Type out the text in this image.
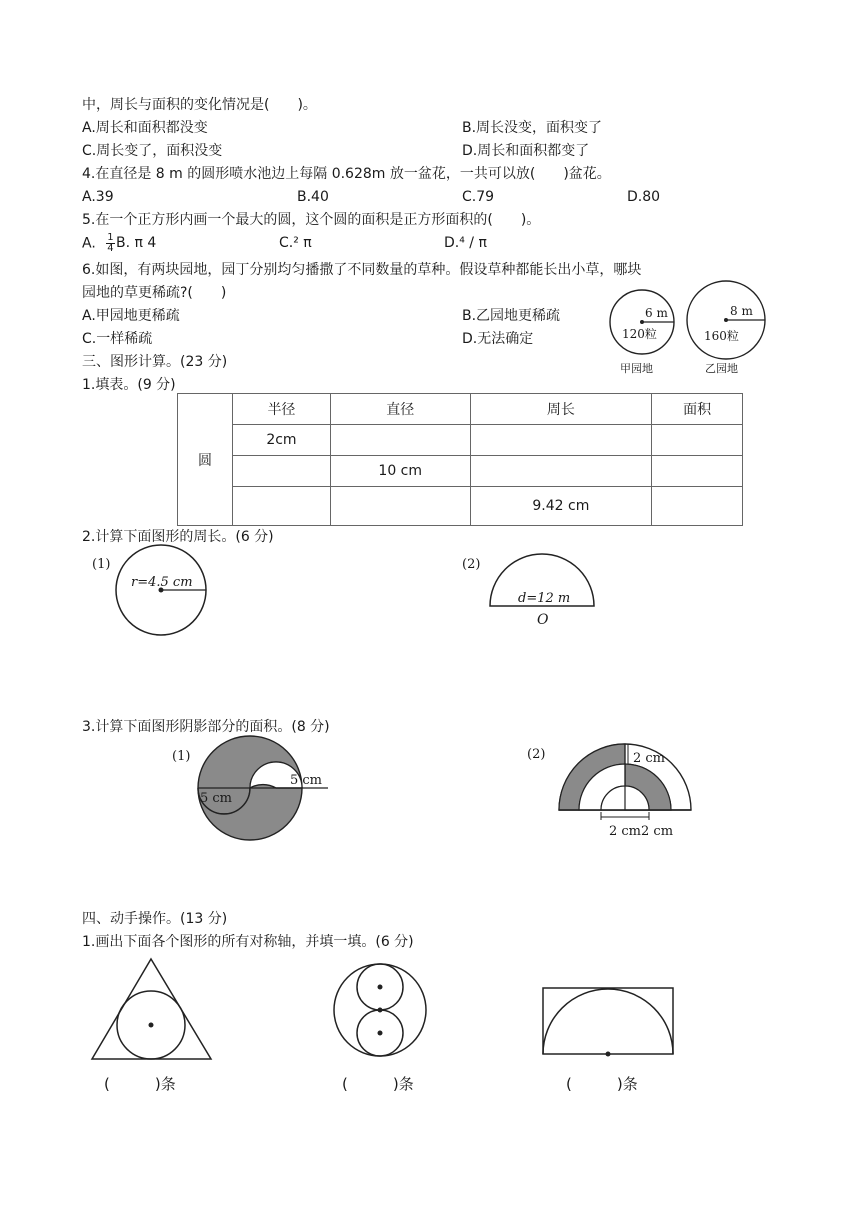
中，周长与面积的变化情况是(　　)。
A.周长和面积都没变	B.周长没变，面积变了
C.周长变了，面积没变	D.周长和面积都变了
4.在直径是 8 m 的圆形喷水池边上每隔 0.628m 放一盆花，一共可以放(　　)盆花。
A.39	B.40	C.79	D.80
5.在一个正方形内画一个最大的圆，这个圆的面积是正方形面积的(　　)。
A. $\frac{1}{4} B$. π 4	C.² π	D.⁴ / π
6.如图，有两块园地，园丁分别均匀播撒了不同数量的草种。假设草种都能长出小草，哪块
园地的草更稀疏?(　　)
A.甲园地更稀疏	B.乙园地更稀疏
C.一样稀疏	D.无法确定
6 m
120粒
甲园地
8 m
160粒
乙园地
三、图形计算。(23 分)
1.填表。(9 分)
圆	半径	直径	周长	面积
	2cm			
		10 cm		
			9.42 cm	
2.计算下面图形的周长。(6 分)
(1)
r=4.5 cm
(2)
d=12 m
O
3.计算下面图形阴影部分的面积。(8 分)
(1)
5 cm
5 cm
(2)	2 cm
2 cm2 cm
四、动手操作。(13 分)
1.画出下面各个图形的所有对称轴，并填一填。(6 分)
(　　　)条	(　　　)条	(　　　)条
